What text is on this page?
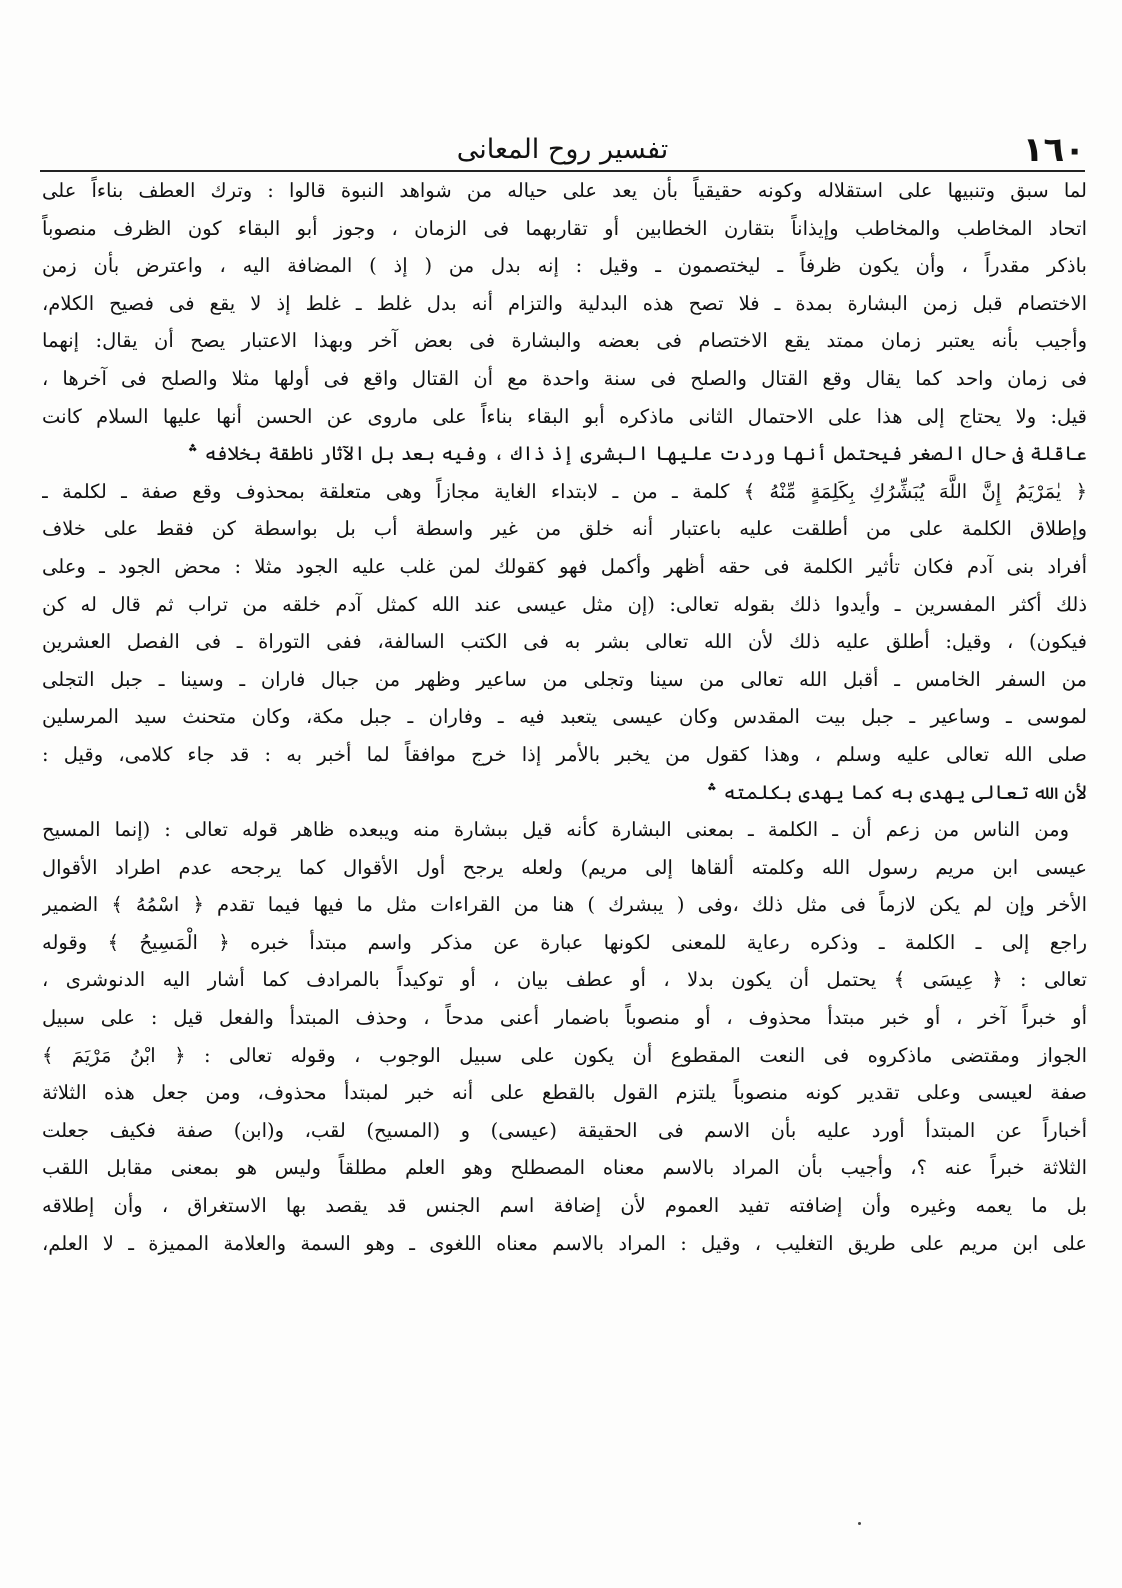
١٦٠
تفسير روح المعانى
لما سبق وتنبيها على استقلاله وكونه حقيقياً بأن يعد على حياله من شواهد النبوة قالوا : وترك العطف بناءاً على
اتحاد المخاطب والمخاطب وإيذاناً بتقارن الخطابين أو تقاربهما فى الزمان ، وجوز أبو البقاء كون الظرف منصوباً
باذكر مقدراً ، وأن يكون ظرفاً ـ ليختصمون ـ وقيل : إنه بدل من ( إذ ) المضافة اليه ، واعترض بأن زمن
الاختصام قبل زمن البشارة بمدة ـ فلا تصح هذه البدلية والتزام أنه بدل غلط ـ غلط إذ لا يقع فى فصيح الكلام،
وأجيب بأنه يعتبر زمان ممتد يقع الاختصام فى بعضه والبشارة فى بعض آخر وبهذا الاعتبار يصح أن يقال: إنهما
فى زمان واحد كما يقال وقع القتال والصلح فى سنة واحدة مع أن القتال واقع فى أولها مثلا والصلح فى آخرها ،
قيل: ولا يحتاج إلى هذا على الاحتمال الثانى ماذكره أبو البقاء بناءاً على ماروى عن الحسن أنها عليها السلام كانت
عاقلة فى حال الصغر فيحتمل أنها وردت عليها البشرى إذ ذاك ، وفيه بعد بل الآثار ناطقة بخلافه ؞
﴿ يٰمَرْيَمُ إِنَّ اللَّهَ يُبَشِّرُكِ بِكَلِمَةٍ مِّنْهُ ﴾ كلمة ـ من ـ لابتداء الغاية مجازاً وهى متعلقة بمحذوف وقع صفة ـ لكلمة ـ
وإطلاق الكلمة على من أطلقت عليه باعتبار أنه خلق من غير واسطة أب بل بواسطة كن فقط على خلاف
أفراد بنى آدم فكان تأثير الكلمة فى حقه أظهر وأكمل فهو كقولك لمن غلب عليه الجود مثلا : محض الجود ـ وعلى
ذلك أكثر المفسرين ـ وأيدوا ذلك بقوله تعالى: (إن مثل عيسى عند الله كمثل آدم خلقه من تراب ثم قال له كن
فيكون) ، وقيل: أطلق عليه ذلك لأن الله تعالى بشر به فى الكتب السالفة، ففى التوراة ـ فى الفصل العشرين
من السفر الخامس ـ أقبل الله تعالى من سينا وتجلى من ساعير وظهر من جبال فاران ـ وسينا ـ جبل التجلى
لموسى ـ وساعير ـ جبل بيت المقدس وكان عيسى يتعبد فيه ـ وفاران ـ جبل مكة، وكان متحنث سيد المرسلين
صلى الله تعالى عليه وسلم ، وهذا كقول من يخبر بالأمر إذا خرج موافقاً لما أخبر به : قد جاء كلامى، وقيل :
لأن الله تعالى يهدى به كما يهدى بكلمته ؞
ومن الناس من زعم أن ـ الكلمة ـ بمعنى البشارة كأنه قيل ببشارة منه ويبعده ظاهر قوله تعالى : (إنما المسيح
عيسى ابن مريم رسول الله وكلمته ألقاها إلى مريم) ولعله يرجح أول الأقوال كما يرجحه عدم اطراد الأقوال
الأخر وإن لم يكن لازماً فى مثل ذلك ،وفى ( يبشرك ) هنا من القراءات مثل ما فيها فيما تقدم ﴿ اسْمُهُ ﴾ الضمير
راجع إلى ـ الكلمة ـ وذكره رعاية للمعنى لكونها عبارة عن مذكر واسم مبتدأ خبره ﴿ الْمَسِيحُ ﴾ وقوله
تعالى : ﴿ عِيسَى ﴾ يحتمل أن يكون بدلا ، أو عطف بيان ، أو توكيداً بالمرادف كما أشار اليه الدنوشرى ،
أو خبراً آخر ، أو خبر مبتدأ محذوف ، أو منصوباً باضمار أعنى مدحاً ، وحذف المبتدأ والفعل قيل : على سبيل
الجواز ومقتضى ماذكروه فى النعت المقطوع أن يكون على سبيل الوجوب ، وقوله تعالى : ﴿ ابْنُ مَرْيَمَ ﴾
صفة لعيسى وعلى تقدير كونه منصوباً يلتزم القول بالقطع على أنه خبر لمبتدأ محذوف، ومن جعل هذه الثلاثة
أخباراً عن المبتدأ أورد عليه بأن الاسم فى الحقيقة (عيسى) و (المسيح) لقب، و(ابن) صفة فكيف جعلت
الثلاثة خبراً عنه ؟، وأجيب بأن المراد بالاسم معناه المصطلح وهو العلم مطلقاً وليس هو بمعنى مقابل اللقب
بل ما يعمه وغيره وأن إضافته تفيد العموم لأن إضافة اسم الجنس قد يقصد بها الاستغراق ، وأن إطلاقه
على ابن مريم على طريق التغليب ، وقيل : المراد بالاسم معناه اللغوى ـ وهو السمة والعلامة المميزة ـ لا العلم،
